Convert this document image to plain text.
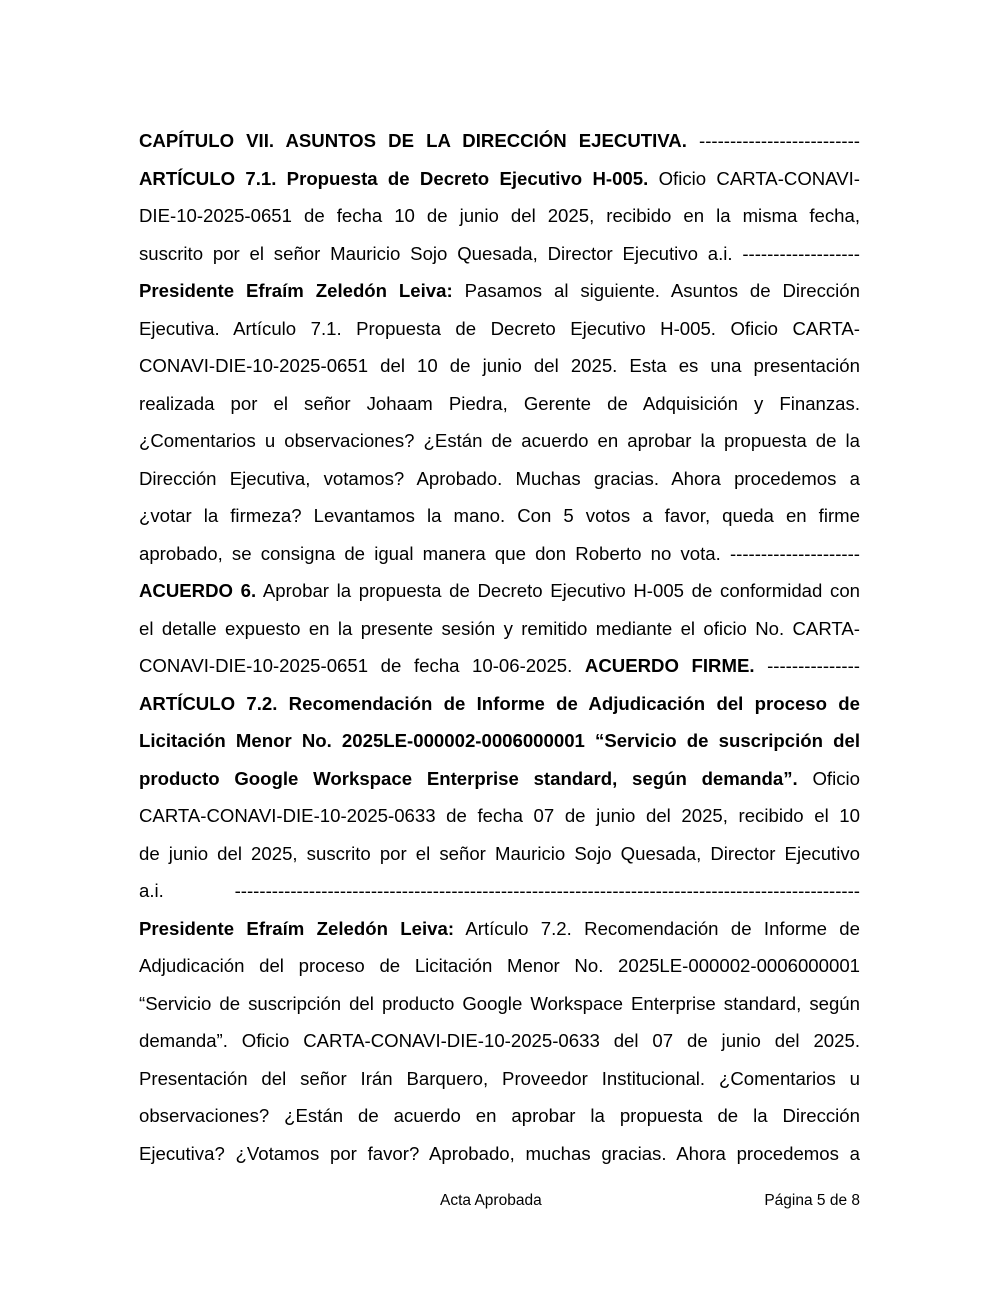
CAPÍTULO VII. ASUNTOS DE LA DIRECCIÓN EJECUTIVA. --------------------------
ARTÍCULO 7.1. Propuesta de Decreto Ejecutivo H-005. Oficio CARTA-CONAVI-
DIE-10-2025-0651 de fecha 10 de junio del 2025, recibido en la misma fecha,
suscrito por el señor Mauricio Sojo Quesada, Director Ejecutivo a.i. -------------------
Presidente Efraím Zeledón Leiva: Pasamos al siguiente. Asuntos de Dirección
Ejecutiva. Artículo 7.1. Propuesta de Decreto Ejecutivo H-005. Oficio CARTA-
CONAVI-DIE-10-2025-0651 del 10 de junio del 2025. Esta es una presentación
realizada por el señor Johaam Piedra, Gerente de Adquisición y Finanzas.
¿Comentarios u observaciones? ¿Están de acuerdo en aprobar la propuesta de la
Dirección Ejecutiva, votamos? Aprobado. Muchas gracias. Ahora procedemos a
¿votar la firmeza? Levantamos la mano. Con 5 votos a favor, queda en firme
aprobado, se consigna de igual manera que don Roberto no vota. ---------------------
ACUERDO 6. Aprobar la propuesta de Decreto Ejecutivo H-005 de conformidad con
el detalle expuesto en la presente sesión y remitido mediante el oficio No. CARTA-
CONAVI-DIE-10-2025-0651 de fecha 10-06-2025. ACUERDO FIRME. ---------------
ARTÍCULO 7.2. Recomendación de Informe de Adjudicación del proceso de
Licitación Menor No. 2025LE-000002-0006000001 “Servicio de suscripción del
producto Google Workspace Enterprise standard, según demanda”. Oficio
CARTA-CONAVI-DIE-10-2025-0633 de fecha 07 de junio del 2025, recibido el 10
de junio del 2025, suscrito por el señor Mauricio Sojo Quesada, Director Ejecutivo
a.i. -----------------------------------------------------------------------------------------------------
Presidente Efraím Zeledón Leiva: Artículo 7.2. Recomendación de Informe de
Adjudicación del proceso de Licitación Menor No. 2025LE-000002-0006000001
“Servicio de suscripción del producto Google Workspace Enterprise standard, según
demanda”. Oficio CARTA-CONAVI-DIE-10-2025-0633 del 07 de junio del 2025.
Presentación del señor Irán Barquero, Proveedor Institucional. ¿Comentarios u
observaciones? ¿Están de acuerdo en aprobar la propuesta de la Dirección
Ejecutiva? ¿Votamos por favor? Aprobado, muchas gracias. Ahora procedemos a
Acta Aprobada	Página 5 de 8
